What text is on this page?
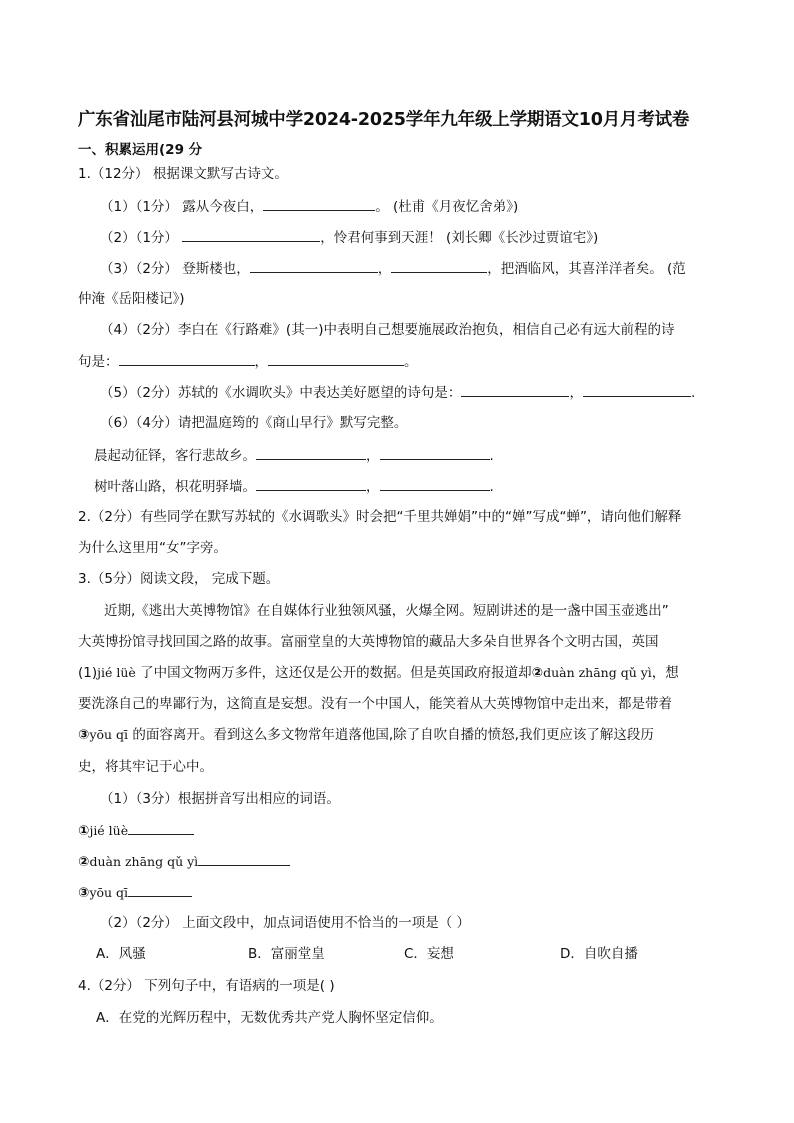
广东省汕尾市陆河县河城中学2024-2025学年九年级上学期语文10月月考试卷
一、积累运用(29 分
1.（12分） 根据课文默写古诗文。
（1）（1分） 露从今夜白，	。 (杜甫《月夜忆舍弟》)
（2）（1分）	，怜君何事到天涯！ (刘长卿《长沙过贾谊宅》)
（3）（2分） 登斯楼也，	，	，把酒临风，其喜洋洋者矣。 (范
仲淹《岳阳楼记》)
（4）（2分）李白在《行路难》(其一)中表明自己想要施展政治抱负，相信自己必有远大前程的诗
句是：	，	。
（5）（2分）苏轼的《水调吹头》中表达美好愿望的诗句是：	，	.
（6）（4分）请把温庭筠的《商山早行》默写完整。
晨起动征铎，客行悲故乡。	，	.
树叶落山路，枳花明驿墙。	，	.
2.（2分）有些同学在默写苏轼的《水调歌头》时会把“千里共婵娟”中的“婵”写成“蝉”，请向他们解释
为什么这里用“女”字旁。
3.（5分）阅读文段， 完成下题。
近期,《逃出大英博物馆》在自媒体行业独领风骚，火爆全网。短剧讲述的是一盏中国玉壶逃出”
大英博扮馆寻找回国之路的故事。富丽堂皇的大英博物馆的藏品大多朵自世界各个文明古国，英国
(1)jié lüè 了中国文物两万多件，这还仅是公开的数据。但是英国政府报道却②duàn zhāng qǔ yì，想
要洗涤自己的卑鄙行为，这简直是妄想。没有一个中国人，能笑着从大英博物馆中走出来，都是带着
③yōu qī 的面容离开。看到这么多文物常年逍落他国,除了自吹自播的愤怒,我们更应该了解这段历
史，将其牢记于心中。
（1）（3分）根据拼音写出相应的词语。
①jié lüè
②duàn zhāng qǔ yì
③yōu qī
（2）（2分） 上面文段中，加点词语使用不恰当的一项是（ ）
A．风骚	B．富丽堂皇	C．妄想	D．自吹自播
4.（2分） 下列句子中，有语病的一项是( )
A．在党的光辉历程中，无数优秀共产党人胸怀坚定信仰。
